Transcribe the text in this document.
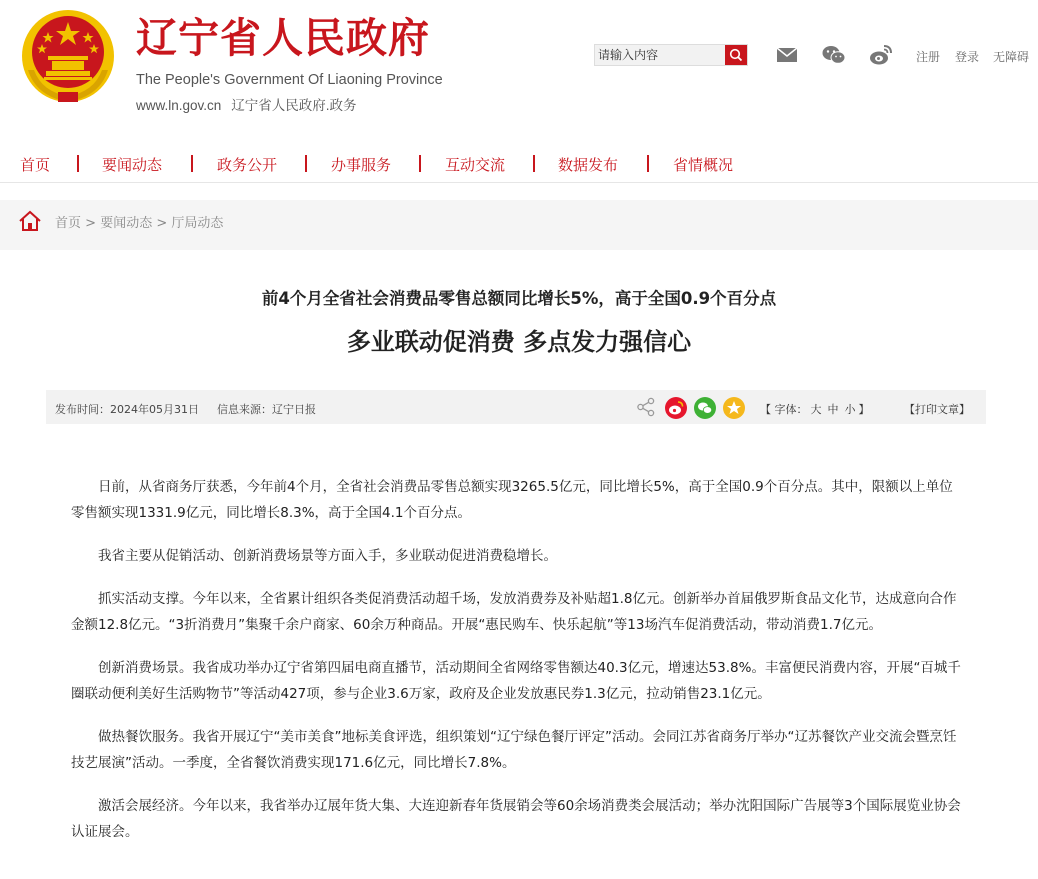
辽宁省人民政府
The People's Government Of Liaoning Province
www.ln.gov.cn 辽宁省人民政府.政务
请输入内容
注册 登录 无障碍
首页	要闻动态	政务公开	办事服务	互动交流	数据发布	省情概况
首页 > 要闻动态 > 厅局动态
前4个月全省社会消费品零售总额同比增长5%，高于全国0.9个百分点
多业联动促消费 多点发力强信心
发布时间：2024年05月31日 信息来源：辽宁日报	【 字体： 大 中 小 】	【打印文章】

日前，从省商务厅获悉，今年前4个月，全省社会消费品零售总额实现3265.5亿元，同比增长5%，高于全国0.9个百分点。其中，限额以上单位零售额实现1331.9亿元，同比增长8.3%，高于全国4.1个百分点。

我省主要从促销活动、创新消费场景等方面入手，多业联动促进消费稳增长。

抓实活动支撑。今年以来，全省累计组织各类促消费活动超千场，发放消费券及补贴超1.8亿元。创新举办首届俄罗斯食品文化节，达成意向合作金额12.8亿元。“3折消费月”集聚千余户商家、60余万种商品。开展“惠民购车、快乐起航”等13场汽车促消费活动，带动消费1.7亿元。

创新消费场景。我省成功举办辽宁省第四届电商直播节，活动期间全省网络零售额达40.3亿元，增速达53.8%。丰富便民消费内容，开展“百城千圈联动便利美好生活购物节”等活动427项，参与企业3.6万家，政府及企业发放惠民券1.3亿元，拉动销售23.1亿元。

做热餐饮服务。我省开展辽宁“美市美食”地标美食评选，组织策划“辽宁绿色餐厅评定”活动。会同江苏省商务厅举办“辽苏餐饮产业交流会暨烹饪技艺展演”活动。一季度，全省餐饮消费实现171.6亿元，同比增长7.8%。

激活会展经济。今年以来，我省举办辽展年货大集、大连迎新春年货展销会等60余场消费类会展活动；举办沈阳国际广告展等3个国际展览业协会认证展会。
